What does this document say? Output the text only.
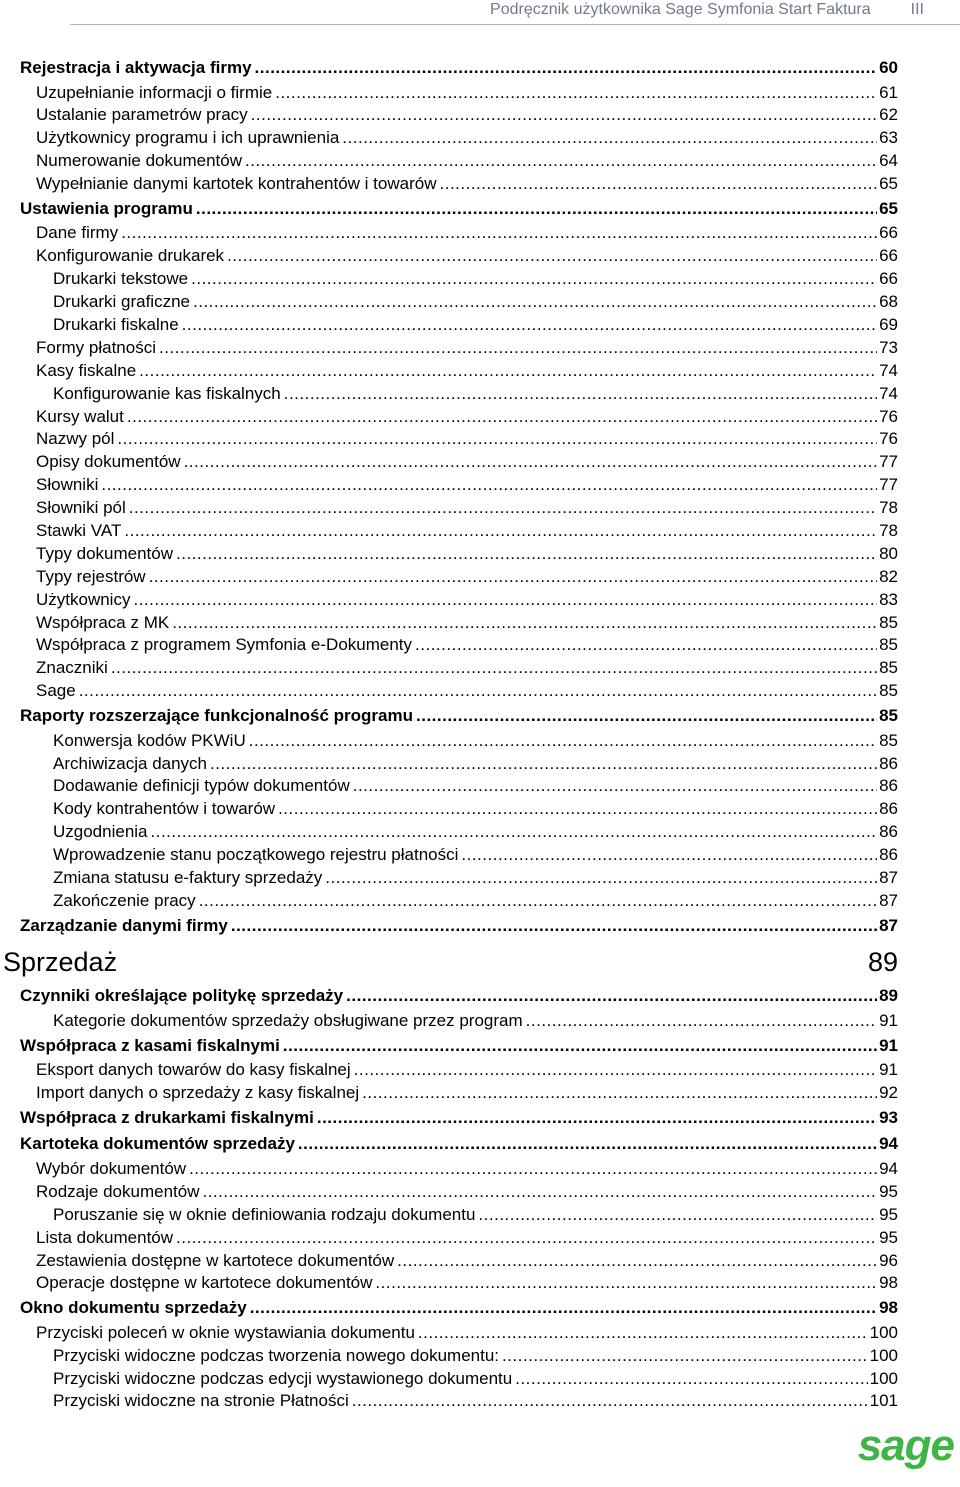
Podręcznik użytkownika Sage Symfonia Start Faktura	III
Rejestracja i aktywacja firmy .....	60
Uzupełnianie informacji o firmie .....	61
Ustalanie parametrów pracy .....	62
Użytkownicy programu i ich uprawnienia .....	63
Numerowanie dokumentów .....	64
Wypełnianie danymi kartotek kontrahentów i towarów .....	65
Ustawienia programu .....	65
Dane firmy .....	66
Konfigurowanie drukarek .....	66
Drukarki tekstowe .....	66
Drukarki graficzne .....	68
Drukarki fiskalne .....	69
Formy płatności .....	73
Kasy fiskalne .....	74
Konfigurowanie kas fiskalnych .....	74
Kursy walut .....	76
Nazwy pól .....	76
Opisy dokumentów .....	77
Słowniki .....	77
Słowniki pól .....	78
Stawki VAT .....	78
Typy dokumentów .....	80
Typy rejestrów .....	82
Użytkownicy .....	83
Współpraca z MK .....	85
Współpraca z programem Symfonia e-Dokumenty .....	85
Znaczniki .....	85
Sage .....	85
Raporty rozszerzające funkcjonalność programu .....	85
Konwersja kodów PKWiU .....	85
Archiwizacja danych .....	86
Dodawanie definicji typów dokumentów .....	86
Kody kontrahentów i towarów .....	86
Uzgodnienia .....	86
Wprowadzenie stanu początkowego rejestru płatności .....	86
Zmiana statusu e-faktury sprzedaży .....	87
Zakończenie pracy .....	87
Zarządzanie danymi firmy .....	87
Sprzedaż	89
Czynniki określające politykę sprzedaży .....	89
Kategorie dokumentów sprzedaży obsługiwane przez program .....	91
Współpraca z kasami fiskalnymi .....	91
Eksport danych towarów do kasy fiskalnej .....	91
Import danych o sprzedaży z kasy fiskalnej .....	92
Współpraca z drukarkami fiskalnymi .....	93
Kartoteka dokumentów sprzedaży .....	94
Wybór dokumentów .....	94
Rodzaje dokumentów .....	95
Poruszanie się w oknie definiowania rodzaju dokumentu .....	95
Lista dokumentów .....	95
Zestawienia dostępne w kartotece dokumentów .....	96
Operacje dostępne w kartotece dokumentów .....	98
Okno dokumentu sprzedaży .....	98
Przyciski poleceń w oknie wystawiania dokumentu .....	100
Przyciski widoczne podczas tworzenia nowego dokumentu: .....	100
Przyciski widoczne podczas edycji wystawionego dokumentu .....	100
Przyciski widoczne na stronie Płatności .....	101
sage
